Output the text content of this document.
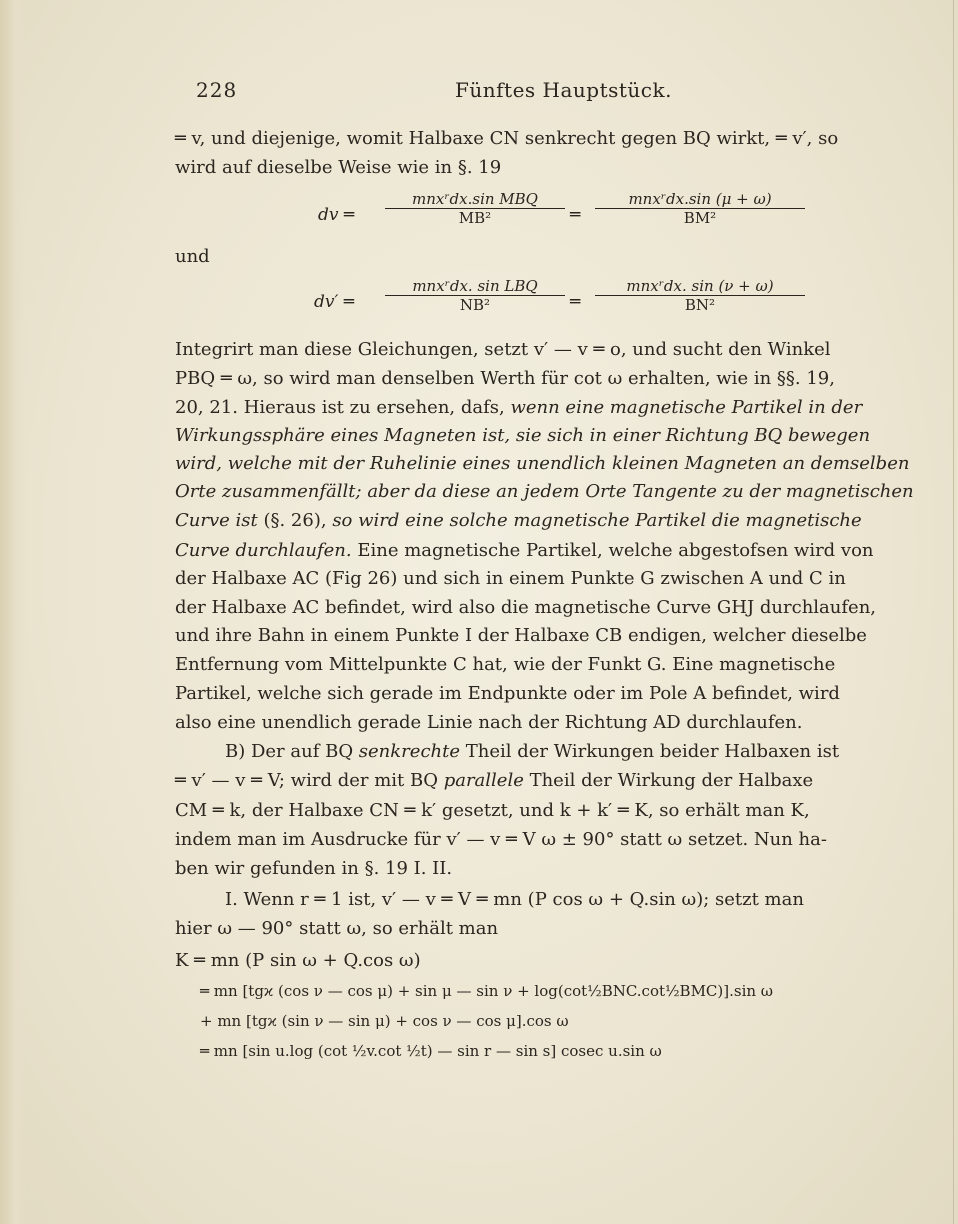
228	Fünftes Hauptstück.
═ v, und diejenige, womit Halbaxe CN senkrecht gegen BQ wirkt, ═ v′, so
wird auf dieselbe Weise wie in §. 19
dv ═
mnxʳdx.sin MBQ
MB²	═
mnxʳdx.sin (μ + ω)
BM²
und
dv′ ═
mnxʳdx. sin LBQ
NB²	═
mnxʳdx. sin (ν + ω)
BN²
Integrirt man diese Gleichungen, setzt v′ — v ═ o, und sucht den Winkel
PBQ ═ ω, so wird man denselben Werth für cot ω erhalten, wie in §§. 19,
20, 21. Hieraus ist zu ersehen, dafs, wenn eine magnetische Partikel in der
Wirkungssphäre eines Magneten ist, sie sich in einer Richtung BQ bewegen
wird, welche mit der Ruhelinie eines unendlich kleinen Magneten an demselben
Orte zusammenfällt; aber da diese an jedem Orte Tangente zu der magnetischen
Curve ist (§. 26), so wird eine solche magnetische Partikel die magnetische
Curve durchlaufen. Eine magnetische Partikel, welche abgestofsen wird von
der Halbaxe AC (Fig 26) und sich in einem Punkte G zwischen A und C in
der Halbaxe AC befindet, wird also die magnetische Curve GHJ durchlaufen,
und ihre Bahn in einem Punkte I der Halbaxe CB endigen, welcher dieselbe
Entfernung vom Mittelpunkte C hat, wie der Funkt G. Eine magnetische
Partikel, welche sich gerade im Endpunkte oder im Pole A befindet, wird
also eine unendlich gerade Linie nach der Richtung AD durchlaufen.
B) Der auf BQ senkrechte Theil der Wirkungen beider Halbaxen ist
═ v′ — v ═ V; wird der mit BQ parallele Theil der Wirkung der Halbaxe
CM ═ k, der Halbaxe CN ═ k′ gesetzt, und k + k′ ═ K, so erhält man K,
indem man im Ausdrucke für v′ — v ═ V ω ± 90° statt ω setzet. Nun ha-
ben wir gefunden in §. 19 I. II.
I. Wenn r ═ 1 ist, v′ — v ═ V ═ mn (P cos ω + Q.sin ω); setzt man
hier ω — 90° statt ω, so erhält man
K ═ mn (P sin ω + Q.cos ω)
═ mn [tgϰ (cos ν — cos μ) + sin μ — sin ν + log(cot½BNC.cot½BMC)].sin ω
+ mn [tgϰ (sin ν — sin μ) + cos ν — cos μ].cos ω
═ mn [sin u.log (cot ½v.cot ½t) — sin r — sin s] cosec u.sin ω
